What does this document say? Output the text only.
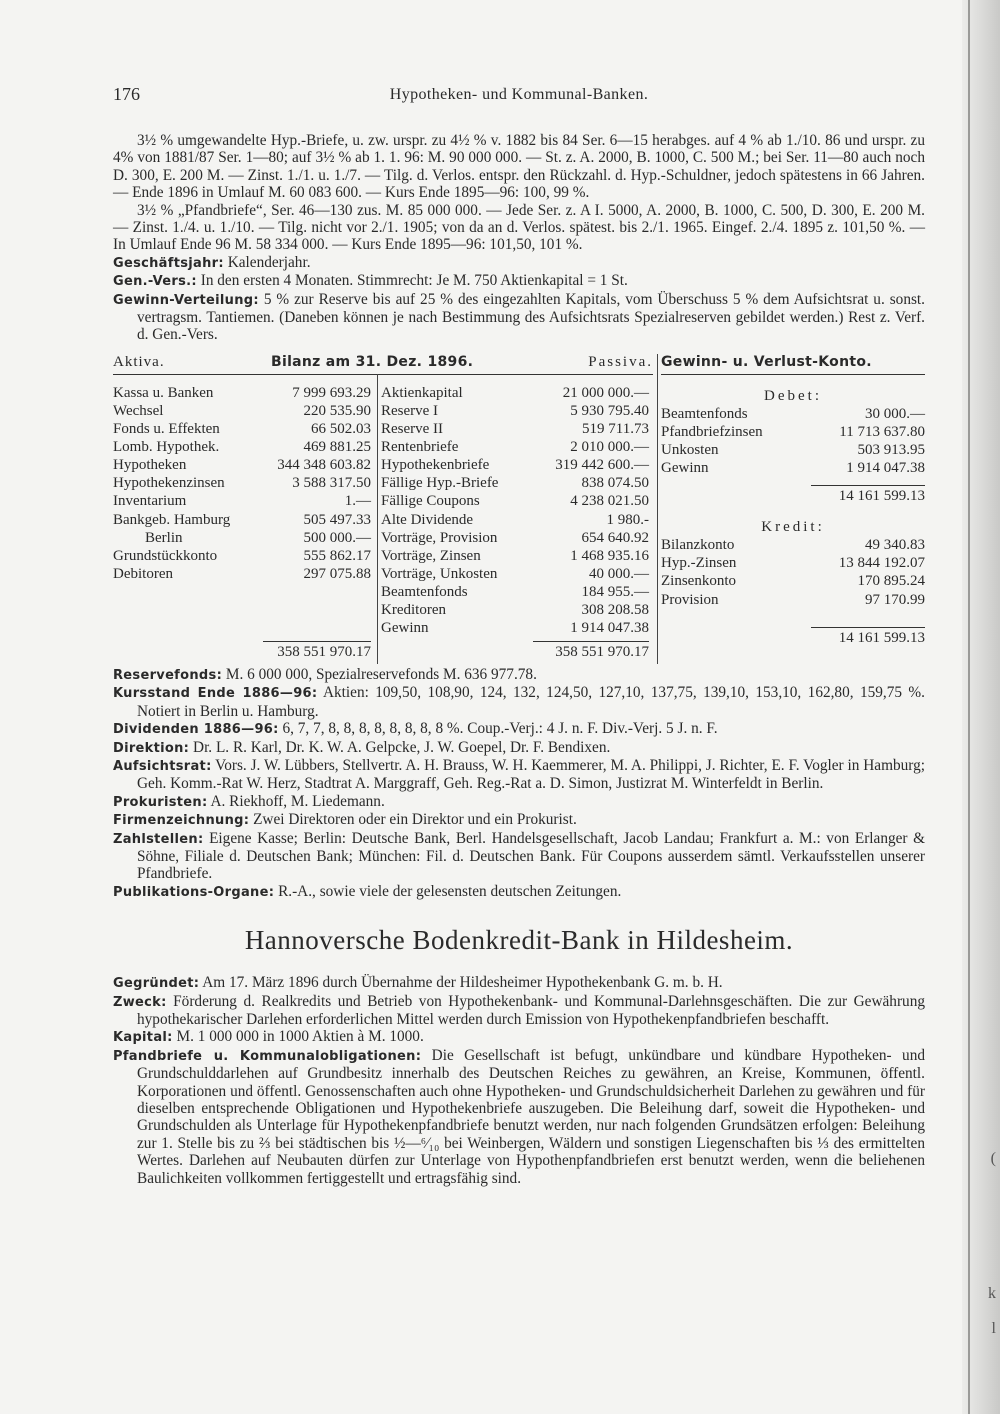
(
k
l
176	Hypotheken- und Kommunal-Banken.

3½ % umgewandelte Hyp.-Briefe, u. zw. urspr. zu 4½ % v. 1882 bis 84 Ser. 6—15 herabges. auf 4 % ab 1./10. 86 und urspr. zu 4% von 1881/87 Ser. 1—80; auf 3½ % ab 1. 1. 96: M. 90 000 000. — St. z. A. 2000, B. 1000, C. 500 M.; bei Ser. 11—80 auch noch D. 300, E. 200 M. — Zinst. 1./1. u. 1./7. — Tilg. d. Verlos. entspr. den Rückzahl. d. Hyp.-Schuldner, jedoch spätestens in 66 Jahren. — Ende 1896 in Umlauf M. 60 083 600. — Kurs Ende 1895—96: 100, 99 %.

3½ % „Pfandbriefe“, Ser. 46—130 zus. M. 85 000 000. — Jede Ser. z. A I. 5000, A. 2000, B. 1000, C. 500, D. 300, E. 200 M. — Zinst. 1./4. u. 1./10. — Tilg. nicht vor 2./1. 1905; von da an d. Verlos. spätest. bis 2./1. 1965. Eingef. 2./4. 1895 z. 101,50 %. — In Umlauf Ende 96 M. 58 334 000. — Kurs Ende 1895—96: 101,50, 101 %.

Geschäftsjahr: Kalenderjahr.

Gen.-Vers.: In den ersten 4 Monaten. Stimmrecht: Je M. 750 Aktienkapital = 1 St.

Gewinn-Verteilung: 5 % zur Reserve bis auf 25 % des eingezahlten Kapitals, vom Überschuss 5 % dem Aufsichtsrat u. sonst. vertragsm. Tantiemen. (Daneben können je nach Bestimmung des Aufsichtsrats Spezialreserven gebildet werden.) Rest z. Verf. d. Gen.-Vers.

Aktiva.	Bilanz am 31. Dez. 1896.	Passiva.
Kassa u. Banken	7 999 693.29
Wechsel	220 535.90
Fonds u. Effekten	66 502.03
Lomb. Hypothek.	469 881.25
Hypotheken	344 348 603.82
Hypothekenzinsen	3 588 317.50
Inventarium	1.—
Bankgeb. Hamburg	505 497.33
Berlin	500 000.—
Grundstückkonto	555 862.17
Debitoren	297 075.88
Aktienkapital	21 000 000.—
Reserve I	5 930 795.40
Reserve II	519 711.73
Rentenbriefe	2 010 000.—
Hypothekenbriefe	319 442 600.—
Fällige Hyp.-Briefe	838 074.50
Fällige Coupons	4 238 021.50
Alte Dividende	1 980.-
Vorträge, Provision	654 640.92
Vorträge, Zinsen	1 468 935.16
Vorträge, Unkosten	40 000.—
Beamtenfonds	184 955.—
Kreditoren	308 208.58
Gewinn	1 914 047.38
358 551 970.17	358 551 970.17
Gewinn- u. Verlust-Konto.
Debet:
Beamtenfonds	30 000.—
Pfandbriefzinsen	11 713 637.80
Unkosten	503 913.95
Gewinn	1 914 047.38
14 161 599.13
Kredit:
Bilanzkonto	49 340.83
Hyp.-Zinsen	13 844 192.07
Zinsenkonto	170 895.24
Provision	97 170.99
14 161 599.13

Reservefonds: M. 6 000 000, Spezialreservefonds M. 636 977.78.

Kursstand Ende 1886—96: Aktien: 109,50, 108,90, 124, 132, 124,50, 127,10, 137,75, 139,10, 153,10, 162,80, 159,75 %. Notiert in Berlin u. Hamburg.

Dividenden 1886—96: 6, 7, 7, 8, 8, 8, 8, 8, 8, 8, 8 %. Coup.-Verj.: 4 J. n. F. Div.-Verj. 5 J. n. F.

Direktion: Dr. L. R. Karl, Dr. K. W. A. Gelpcke, J. W. Goepel, Dr. F. Bendixen.

Aufsichtsrat: Vors. J. W. Lübbers, Stellvertr. A. H. Brauss, W. H. Kaemmerer, M. A. Philippi, J. Richter, E. F. Vogler in Hamburg; Geh. Komm.-Rat W. Herz, Stadtrat A. Marggraff, Geh. Reg.-Rat a. D. Simon, Justizrat M. Winterfeldt in Berlin.

Prokuristen: A. Riekhoff, M. Liedemann.

Firmenzeichnung: Zwei Direktoren oder ein Direktor und ein Prokurist.

Zahlstellen: Eigene Kasse; Berlin: Deutsche Bank, Berl. Handelsgesellschaft, Jacob Landau; Frankfurt a. M.: von Erlanger & Söhne, Filiale d. Deutschen Bank; München: Fil. d. Deutschen Bank. Für Coupons ausserdem sämtl. Verkaufsstellen unserer Pfandbriefe.

Publikations-Organe: R.-A., sowie viele der gelesensten deutschen Zeitungen.

Hannoversche Bodenkredit-Bank in Hildesheim.

Gegründet: Am 17. März 1896 durch Übernahme der Hildesheimer Hypothekenbank G. m. b. H.

Zweck: Förderung d. Realkredits und Betrieb von Hypothekenbank- und Kommunal-Darlehnsgeschäften. Die zur Gewährung hypothekarischer Darlehen erforderlichen Mittel werden durch Emission von Hypothekenpfandbriefen beschafft.

Kapital: M. 1 000 000 in 1000 Aktien à M. 1000.

Pfandbriefe u. Kommunalobligationen: Die Gesellschaft ist befugt, unkündbare und kündbare Hypotheken- und Grundschulddarlehen auf Grundbesitz innerhalb des Deutschen Reiches zu gewähren, an Kreise, Kommunen, öffentl. Korporationen und öffentl. Genossenschaften auch ohne Hypotheken- und Grundschuldsicherheit Darlehen zu gewähren und für dieselben entsprechende Obligationen und Hypothekenbriefe auszugeben. Die Beleihung darf, soweit die Hypotheken- und Grundschulden als Unterlage für Hypothekenpfandbriefe benutzt werden, nur nach folgenden Grundsätzen erfolgen: Beleihung zur 1. Stelle bis zu ⅔ bei städtischen bis ½—⁶⁄₁₀ bei Weinbergen, Wäldern und sonstigen Liegenschaften bis ⅓ des ermittelten Wertes. Darlehen auf Neubauten dürfen zur Unterlage von Hypothenpfandbriefen erst benutzt werden, wenn die beliehenen Baulichkeiten vollkommen fertiggestellt und ertragsfähig sind.
